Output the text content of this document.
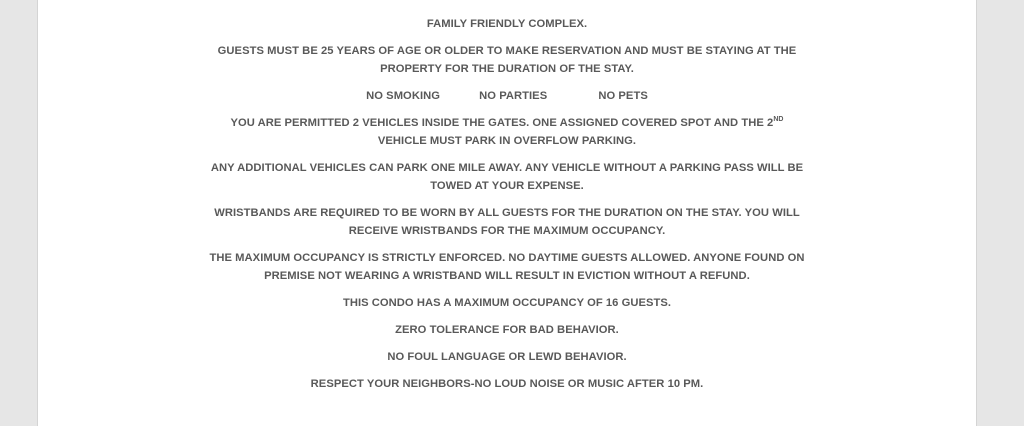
FAMILY FRIENDLY COMPLEX.

GUESTS MUST BE 25 YEARS OF AGE OR OLDER TO MAKE RESERVATION AND MUST BE STAYING AT THE PROPERTY FOR THE DURATION OF THE STAY.

NO SMOKING	NO PARTIES	NO PETS

YOU ARE PERMITTED 2 VEHICLES INSIDE THE GATES. ONE ASSIGNED COVERED SPOT AND THE 2ND VEHICLE MUST PARK IN OVERFLOW PARKING.

ANY ADDITIONAL VEHICLES CAN PARK ONE MILE AWAY. ANY VEHICLE WITHOUT A PARKING PASS WILL BE TOWED AT YOUR EXPENSE.

WRISTBANDS ARE REQUIRED TO BE WORN BY ALL GUESTS FOR THE DURATION ON THE STAY. YOU WILL RECEIVE WRISTBANDS FOR THE MAXIMUM OCCUPANCY.

THE MAXIMUM OCCUPANCY IS STRICTLY ENFORCED. NO DAYTIME GUESTS ALLOWED. ANYONE FOUND ON PREMISE NOT WEARING A WRISTBAND WILL RESULT IN EVICTION WITHOUT A REFUND.

THIS CONDO HAS A MAXIMUM OCCUPANCY OF 16 GUESTS.

ZERO TOLERANCE FOR BAD BEHAVIOR.

NO FOUL LANGUAGE OR LEWD BEHAVIOR.

RESPECT YOUR NEIGHBORS-NO LOUD NOISE OR MUSIC AFTER 10 PM.
